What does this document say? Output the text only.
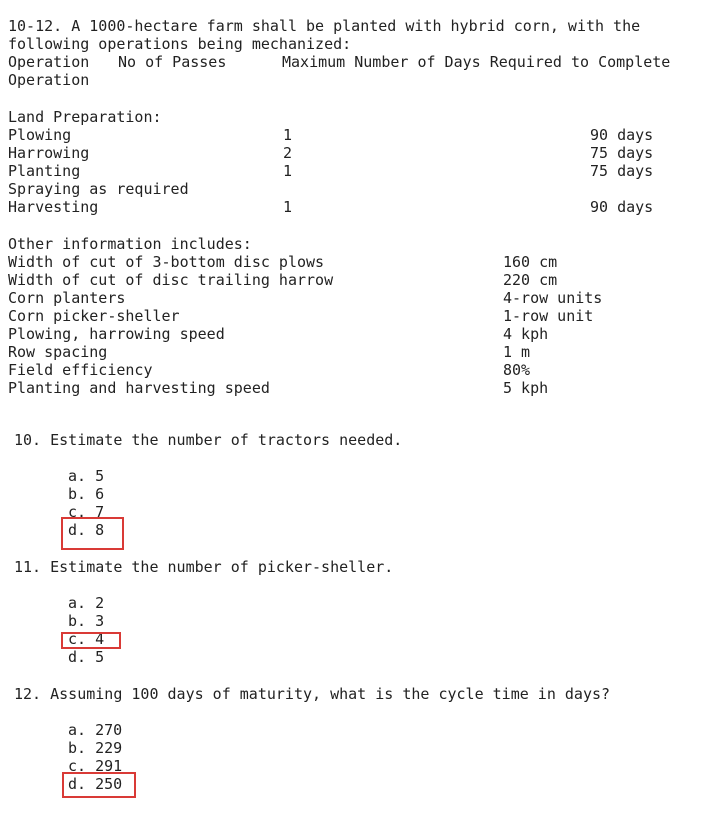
10-12. A 1000-hectare farm shall be planted with hybrid corn, with the
following operations being mechanized:
Operation No of Passes	Maximum Number of Days Required to Complete
Operation
Land Preparation:
Plowing	1	90 days
Harrowing	2	75 days
Planting	1	75 days
Spraying as required
Harvesting	1	90 days
Other information includes:
Width of cut of 3-bottom disc plows	160 cm
Width of cut of disc trailing harrow	220 cm
Corn planters	4-row units
Corn picker-sheller	1-row unit
Plowing, harrowing speed	4 kph
Row spacing	1 m
Field efficiency	80%
Planting and harvesting speed	5 kph
10. Estimate the number of tractors needed.
a. 5
b. 6
c. 7
d. 8
11. Estimate the number of picker-sheller.
a. 2
b. 3
c. 4
d. 5
12. Assuming 100 days of maturity, what is the cycle time in days?
a. 270
b. 229
c. 291
d. 250
